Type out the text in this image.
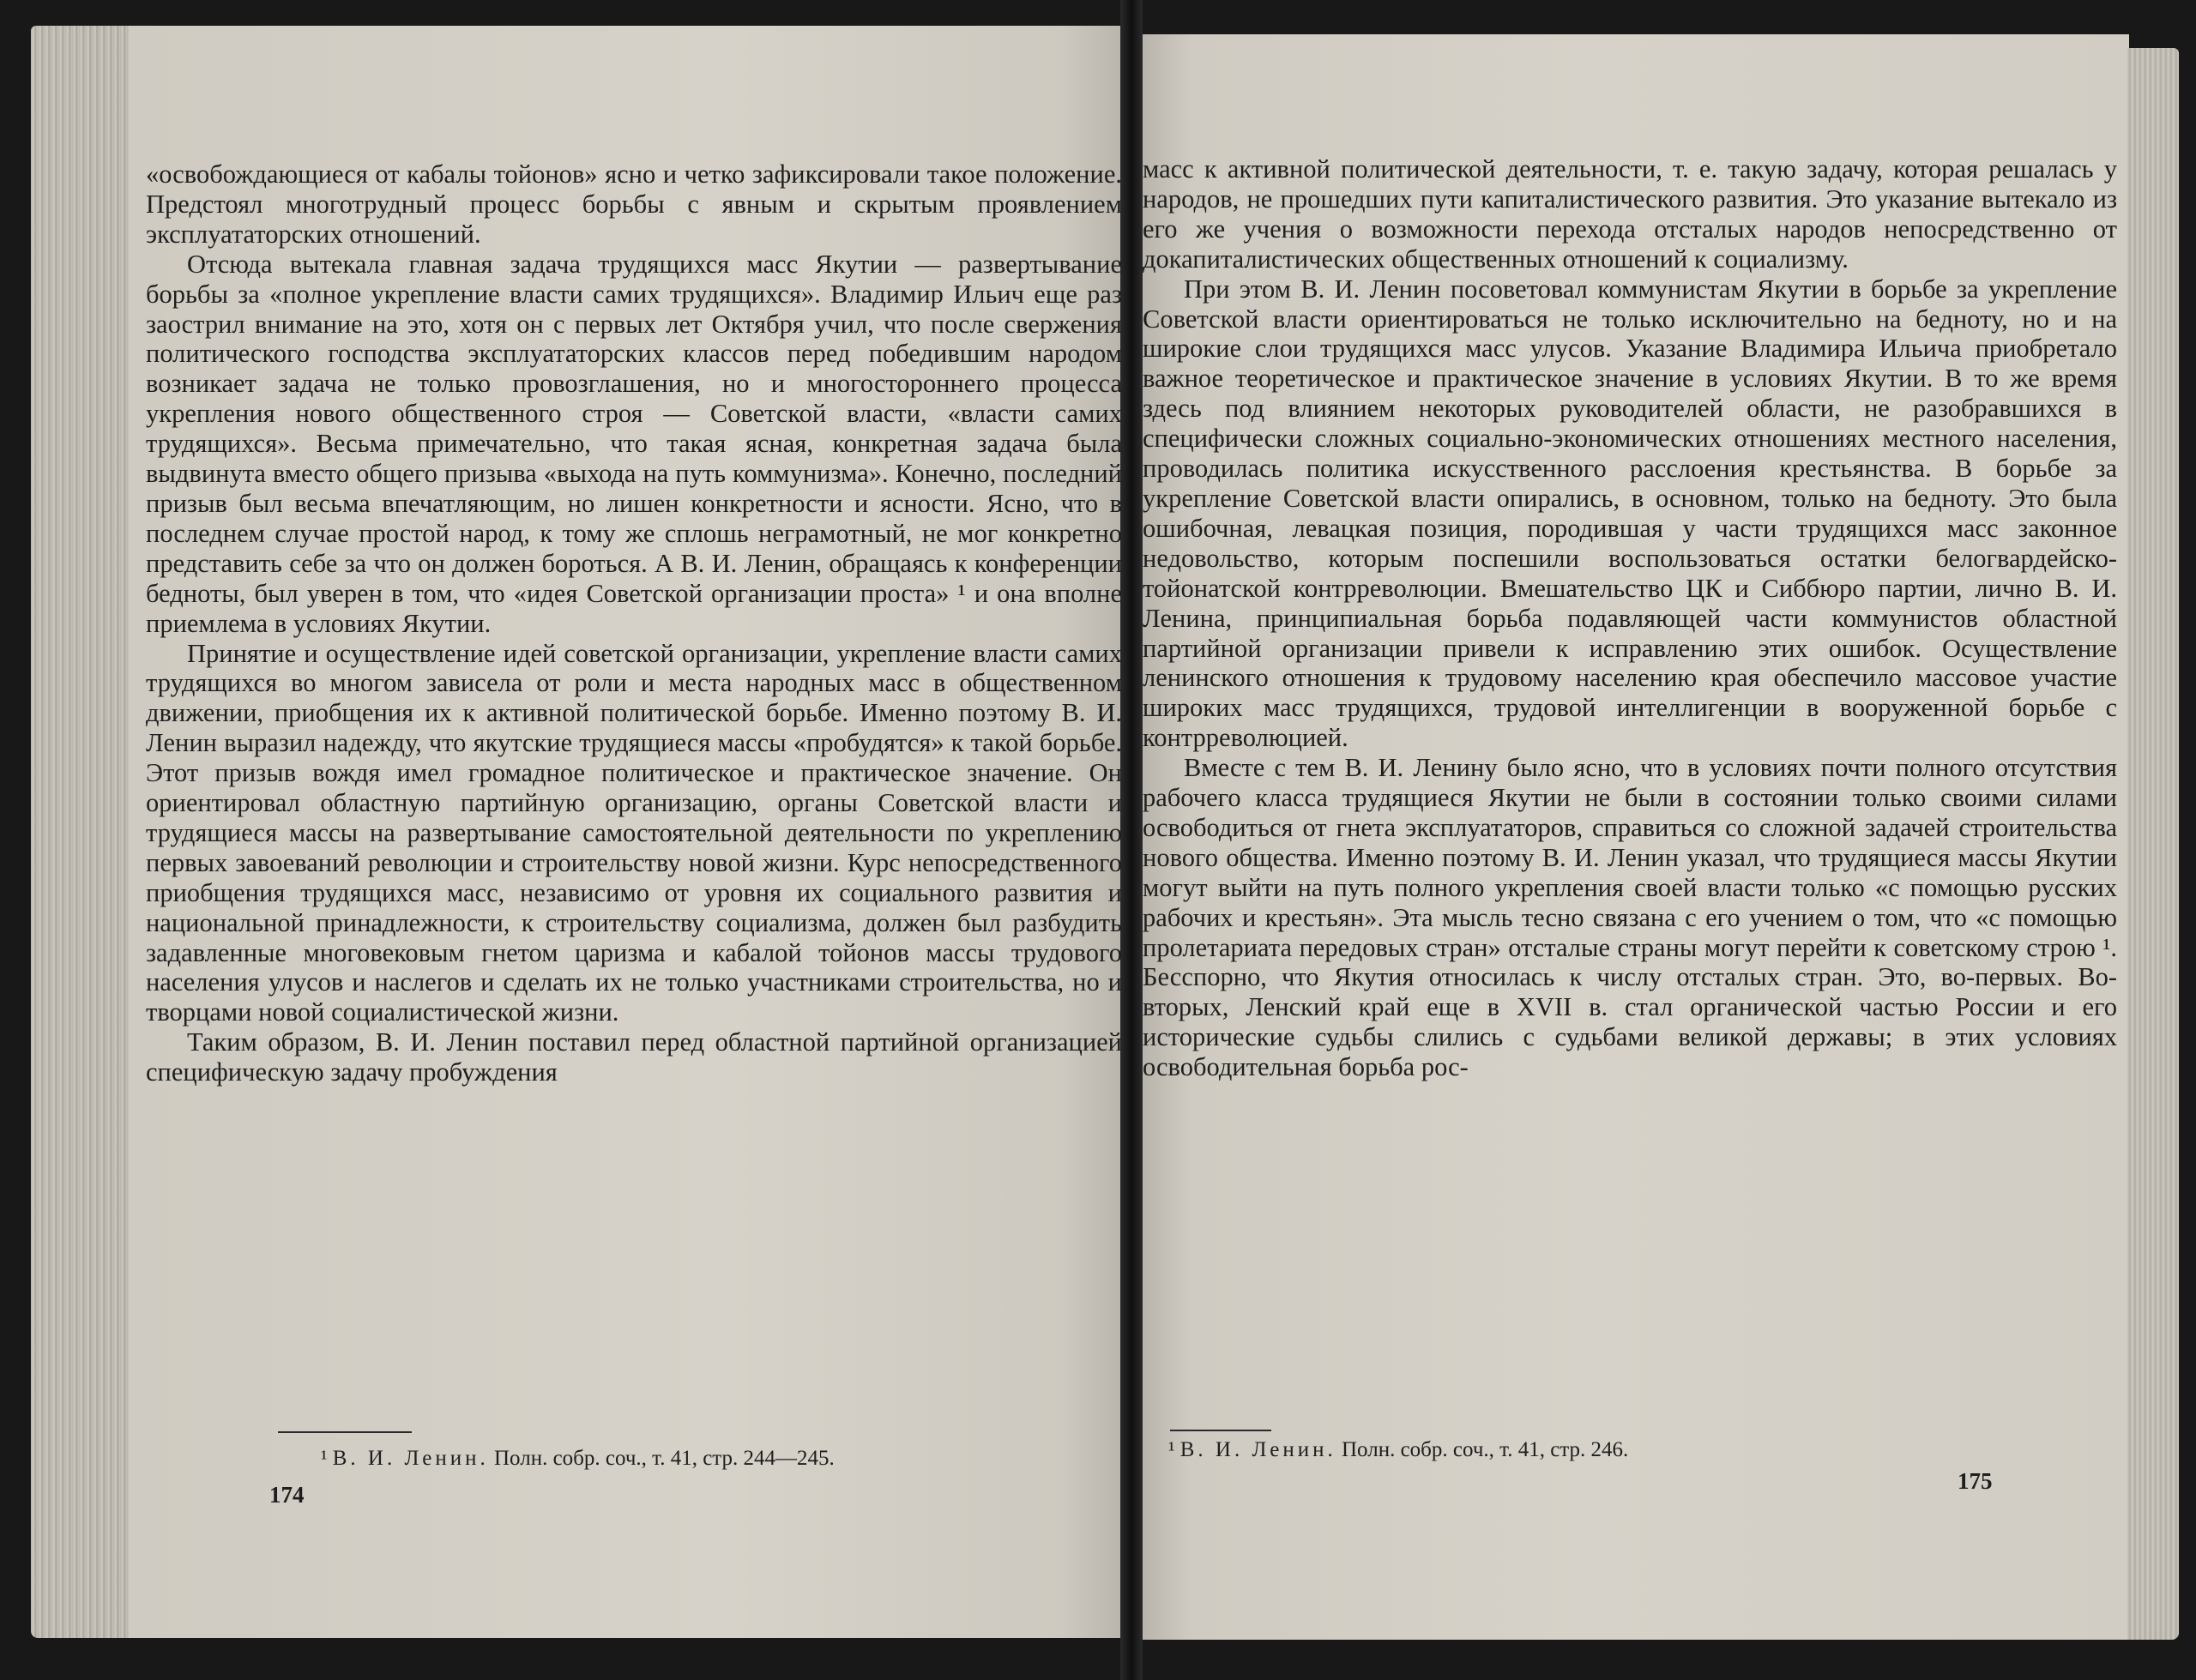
«освобождающиеся от кабалы тойонов» ясно и четко зафиксировали такое положение. Предстоял многотрудный процесс борьбы с явным и скрытым проявлением эксплуататорских отношений.

Отсюда вытекала главная задача трудящихся масс Якутии — развертывание борьбы за «полное укрепление власти самих трудящихся». Владимир Ильич еще раз заострил внимание на это, хотя он с первых лет Октября учил, что после свержения политического господства эксплуататорских классов перед победившим народом возникает задача не только провозглашения, но и многостороннего процесса укрепления нового общественного строя — Советской власти, «власти самих трудящихся». Весьма примечательно, что такая ясная, конкретная задача была выдвинута вместо общего призыва «выхода на путь коммунизма». Конечно, последний призыв был весьма впечатляющим, но лишен конкретности и ясности. Ясно, что в последнем случае простой народ, к тому же сплошь неграмотный, не мог конкретно представить себе за что он должен бороться. А В. И. Ленин, обращаясь к конференции бедноты, был уверен в том, что «идея Советской организации проста» ¹ и она вполне приемлема в условиях Якутии.

Принятие и осуществление идей советской организации, укрепление власти самих трудящихся во многом зависела от роли и места народных масс в общественном движении, приобщения их к активной политической борьбе. Именно поэтому В. И. Ленин выразил надежду, что якутские трудящиеся массы «пробудятся» к такой борьбе. Этот призыв вождя имел громадное политическое и практическое значение. Он ориентировал областную партийную организацию, органы Советской власти и трудящиеся массы на развертывание самостоятельной деятельности по укреплению первых завоеваний революции и строительству новой жизни. Курс непосредственного приобщения трудящихся масс, независимо от уровня их социального развития и национальной принадлежности, к строительству социализма, должен был разбудить задавленные многовековым гнетом царизма и кабалой тойонов массы трудового населения улусов и наслегов и сделать их не только участниками строительства, но и творцами новой социалистической жизни.

Таким образом, В. И. Ленин поставил перед областной партийной организацией специфическую задачу пробуждения

¹ В. И. Ленин. Полн. собр. соч., т. 41, стр. 244—245.
174

масс к активной политической деятельности, т. е. такую задачу, которая решалась у народов, не прошедших пути капиталистического развития. Это указание вытекало из его же учения о возможности перехода отсталых народов непосредственно от докапиталистических общественных отношений к социализму.

При этом В. И. Ленин посоветовал коммунистам Якутии в борьбе за укрепление Советской власти ориентироваться не только исключительно на бедноту, но и на широкие слои трудящихся масс улусов. Указание Владимира Ильича приобретало важное теоретическое и практическое значение в условиях Якутии. В то же время здесь под влиянием некоторых руководителей области, не разобравшихся в специфически сложных социально-экономических отношениях местного населения, проводилась политика искусственного расслоения крестьянства. В борьбе за укрепление Советской власти опирались, в основном, только на бедноту. Это была ошибочная, левацкая позиция, породившая у части трудящихся масс законное недовольство, которым поспешили воспользоваться остатки белогвардейско-тойонатской контрреволюции. Вмешательство ЦК и Сиббюро партии, лично В. И. Ленина, принципиальная борьба подавляющей части коммунистов областной партийной организации привели к исправлению этих ошибок. Осуществление ленинского отношения к трудовому населению края обеспечило массовое участие широких масс трудящихся, трудовой интеллигенции в вооруженной борьбе с контрреволюцией.

Вместе с тем В. И. Ленину было ясно, что в условиях почти полного отсутствия рабочего класса трудящиеся Якутии не были в состоянии только своими силами освободиться от гнета эксплуататоров, справиться со сложной задачей строительства нового общества. Именно поэтому В. И. Ленин указал, что трудящиеся массы Якутии могут выйти на путь полного укрепления своей власти только «с помощью русских рабочих и крестьян». Эта мысль тесно связана с его учением о том, что «с помощью пролетариата передовых стран» отсталые страны могут перейти к советскому строю ¹. Бесспорно, что Якутия относилась к числу отсталых стран. Это, во-первых. Во-вторых, Ленский край еще в XVII в. стал органической частью России и его исторические судьбы слились с судьбами великой державы; в этих условиях освободительная борьба рос-

¹ В. И. Ленин. Полн. собр. соч., т. 41, стр. 246.
175
